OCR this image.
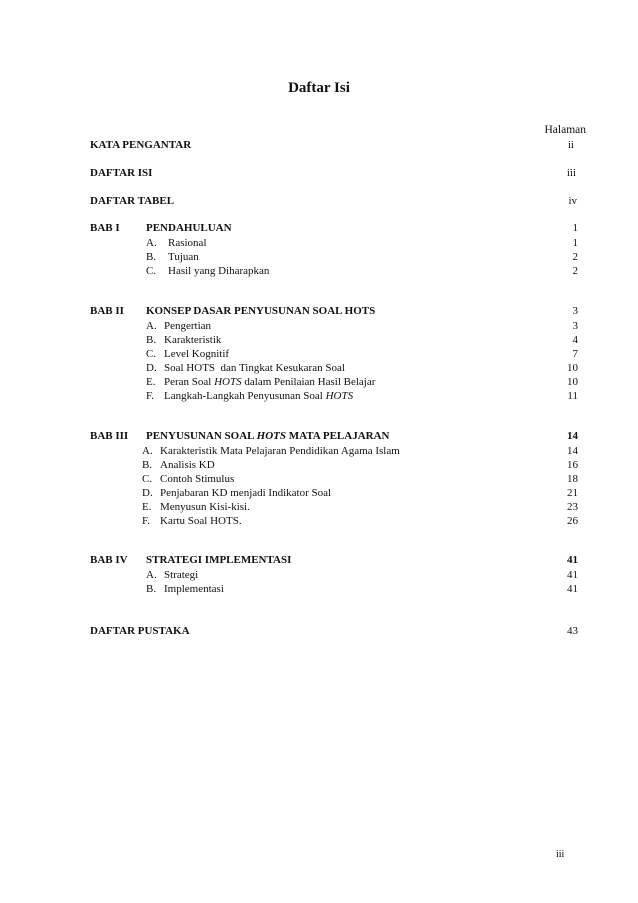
Daftar Isi
Halaman
KATA PENGANTAR	ii
DAFTAR ISI	iii
DAFTAR TABEL	iv
BAB I PENDAHULUAN	1
A. Rasional	1
B. Tujuan	2
C. Hasil yang Diharapkan	2
BAB II KONSEP DASAR PENYUSUNAN SOAL HOTS	3
A. Pengertian	3
B. Karakteristik	4
C. Level Kognitif	7
D. Soal HOTS  dan Tingkat Kesukaran Soal	10
E. Peran Soal HOTS dalam Penilaian Hasil Belajar	10
F. Langkah-Langkah Penyusunan Soal HOTS	11
BAB III PENYUSUNAN SOAL HOTS MATA PELAJARAN	14
A. Karakteristik Mata Pelajaran Pendidikan Agama Islam	14
B. Analisis KD	16
C. Contoh Stimulus	18
D. Penjabaran KD menjadi Indikator Soal	21
E. Menyusun Kisi-kisi.	23
F. Kartu Soal HOTS.	26
BAB IV STRATEGI IMPLEMENTASI	41
A. Strategi	41
B. Implementasi	41
DAFTAR PUSTAKA	43
iii
